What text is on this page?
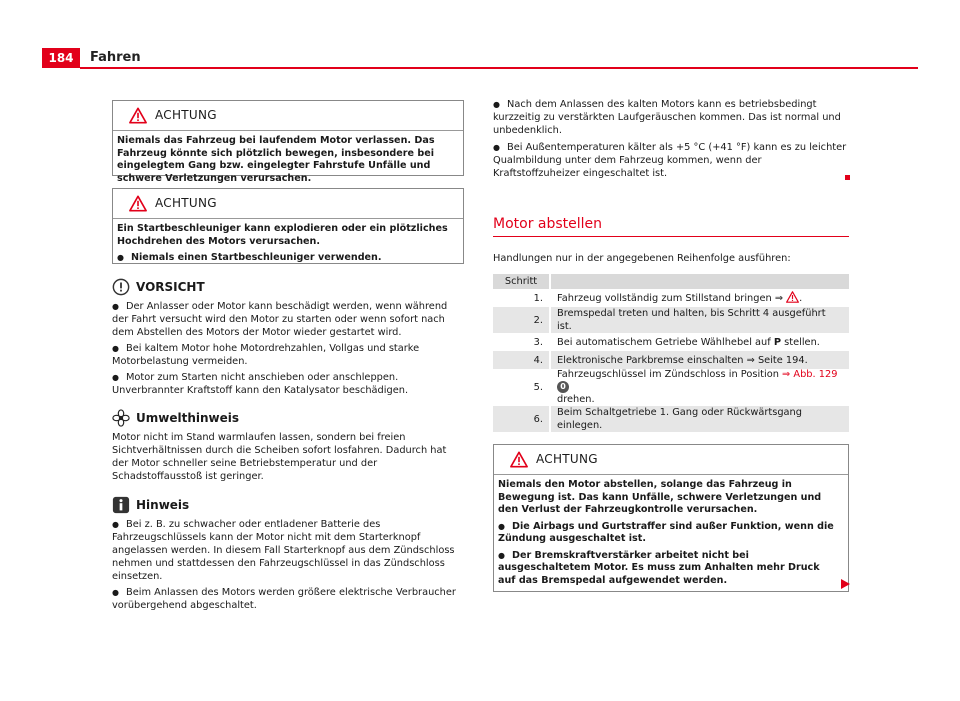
184	Fahren
ACHTUNG

Niemals das Fahrzeug bei laufendem Motor verlassen. Das Fahrzeug könnte sich plötzlich bewegen, insbesondere bei eingelegtem Gang bzw. eingelegter Fahrstufe Unfälle und schwere Verletzungen verursachen.

ACHTUNG

Ein Startbeschleuniger kann explodieren oder ein plötzliches Hochdrehen des Motors verursachen.

● Niemals einen Startbeschleuniger verwenden.

VORSICHT

● Der Anlasser oder Motor kann beschädigt werden, wenn während der Fahrt versucht wird den Motor zu starten oder wenn sofort nach dem Abstellen des Motors der Motor wieder gestartet wird.

● Bei kaltem Motor hohe Motordrehzahlen, Vollgas und starke Motorbelastung vermeiden.

● Motor zum Starten nicht anschieben oder anschleppen. Unverbrannter Kraftstoff kann den Katalysator beschädigen.

Umwelthinweis

Motor nicht im Stand warmlaufen lassen, sondern bei freien Sichtverhältnissen durch die Scheiben sofort losfahren. Dadurch hat der Motor schneller seine Betriebstemperatur und der Schadstoffausstoß ist geringer.

Hinweis

● Bei z. B. zu schwacher oder entladener Batterie des Fahrzeugschlüssels kann der Motor nicht mit dem Starterknopf angelassen werden. In diesem Fall Starterknopf aus dem Zündschloss nehmen und stattdessen den Fahrzeugschlüssel in das Zündschloss einsetzen.

● Beim Anlassen des Motors werden größere elektrische Verbraucher vorübergehend abgeschaltet.

● Nach dem Anlassen des kalten Motors kann es betriebsbedingt kurzzeitig zu verstärkten Laufgeräuschen kommen. Das ist normal und unbedenklich.

● Bei Außentemperaturen kälter als +5 °C (+41 °F) kann es zu leichter Qualmbildung unter dem Fahrzeug kommen, wenn der Kraftstoffzuheizer eingeschaltet ist.

Motor abstellen

Handlungen nur in der angegebenen Reihenfolge ausführen:

Schritt	
1.	Fahrzeug vollständig zum Stillstand bringen ⇒ .
2.	Bremspedal treten und halten, bis Schritt 4 ausgeführt ist.
3.	Bei automatischem Getriebe Wählhebel auf P stellen.
4.	Elektronische Parkbremse einschalten ⇒ Seite 194.
5.	Fahrzeugschlüssel im Zündschloss in Position ⇒ Abb. 129 0
drehen.
6.	Beim Schaltgetriebe 1. Gang oder Rückwärtsgang einlegen.
ACHTUNG

Niemals den Motor abstellen, solange das Fahrzeug in Bewegung ist. Das kann Unfälle, schwere Verletzungen und den Verlust der Fahrzeugkontrolle verursachen.

● Die Airbags und Gurtstraffer sind außer Funktion, wenn die Zündung ausgeschaltet ist.

● Der Bremskraftverstärker arbeitet nicht bei ausgeschaltetem Motor. Es muss zum Anhalten mehr Druck auf das Bremspedal aufgewendet werden.
